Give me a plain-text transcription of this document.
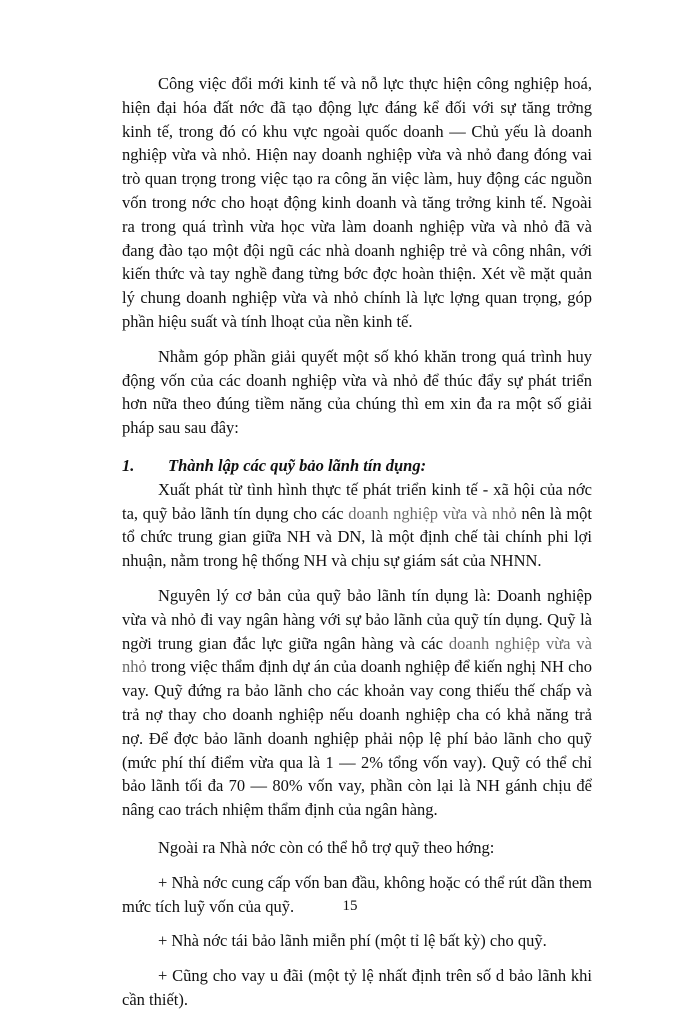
Công việc đổi mới kinh tế và nỗ lực thực hiện công nghiệp hoá, hiện đại hóa đất nớc đã tạo động lực đáng kể đối với sự tăng trởng kinh tế, trong đó có khu vực ngoài quốc doanh — Chủ yếu là doanh nghiệp vừa và nhỏ. Hiện nay doanh nghiệp vừa và nhỏ đang đóng vai trò quan trọng trong việc tạo ra công ăn việc làm, huy động các nguồn vốn trong nớc cho hoạt động kinh doanh và tăng trởng kinh tế. Ngoài ra trong quá trình vừa học vừa làm doanh nghiệp vừa và nhỏ đã và đang đào tạo một đội ngũ các nhà doanh nghiệp trẻ và công nhân, với kiến thức và tay nghề đang từng bớc đợc hoàn thiện. Xét về mặt quản lý chung doanh nghiệp vừa và nhỏ chính là lực lợng quan trọng, góp phần hiệu suất và tính lhoạt của nền kinh tế.

Nhằm góp phần giải quyết một số khó khăn trong quá trình huy động vốn của các doanh nghiệp vừa và nhỏ để thúc đẩy sự phát triển hơn nữa theo đúng tiềm năng của chúng thì em xin đa ra một số giải pháp sau sau đây:

1.	Thành lập các quỹ bảo lãnh tín dụng:

Xuất phát từ tình hình thực tế phát triển kinh tế - xã hội của nớc ta, quỹ bảo lãnh tín dụng cho các doanh nghiệp vừa và nhỏ nên là một tổ chức trung gian giữa NH và DN, là một định chế tài chính phi lợi nhuận, nằm trong hệ thống NH và chịu sự giám sát của NHNN.

Nguyên lý cơ bản của quỹ bảo lãnh tín dụng là: Doanh nghiệp vừa và nhỏ đi vay ngân hàng với sự bảo lãnh của quỹ tín dụng. Quỹ là ngời trung gian đắc lực giữa ngân hàng và các doanh nghiệp vừa và nhỏ trong việc thẩm định dự án của doanh nghiệp để kiến nghị NH cho vay. Quỹ đứng ra bảo lãnh cho các khoản vay cong thiếu thế chấp và trả nợ thay cho doanh nghiệp nếu doanh nghiệp cha có khả năng trả nợ. Để đợc bảo lãnh doanh nghiệp phải nộp lệ phí bảo lãnh cho quỹ (mức phí thí điểm vừa qua là 1 — 2% tổng vốn vay). Quỹ có thể chỉ bảo lãnh tối đa 70 — 80% vốn vay, phần còn lại là NH gánh chịu để nâng cao trách nhiệm thẩm định của ngân hàng.

Ngoài ra Nhà nớc còn có thể hỗ trợ quỹ theo hớng:

+ Nhà nớc cung cấp vốn ban đầu, không hoặc có thể rút dần them mức tích luỹ vốn của quỹ.

+ Nhà nớc tái bảo lãnh miễn phí (một tỉ lệ bất kỳ) cho quỹ.

+ Cũng cho vay u đãi (một tỷ lệ nhất định trên số d bảo lãnh khi cần thiết).

15
